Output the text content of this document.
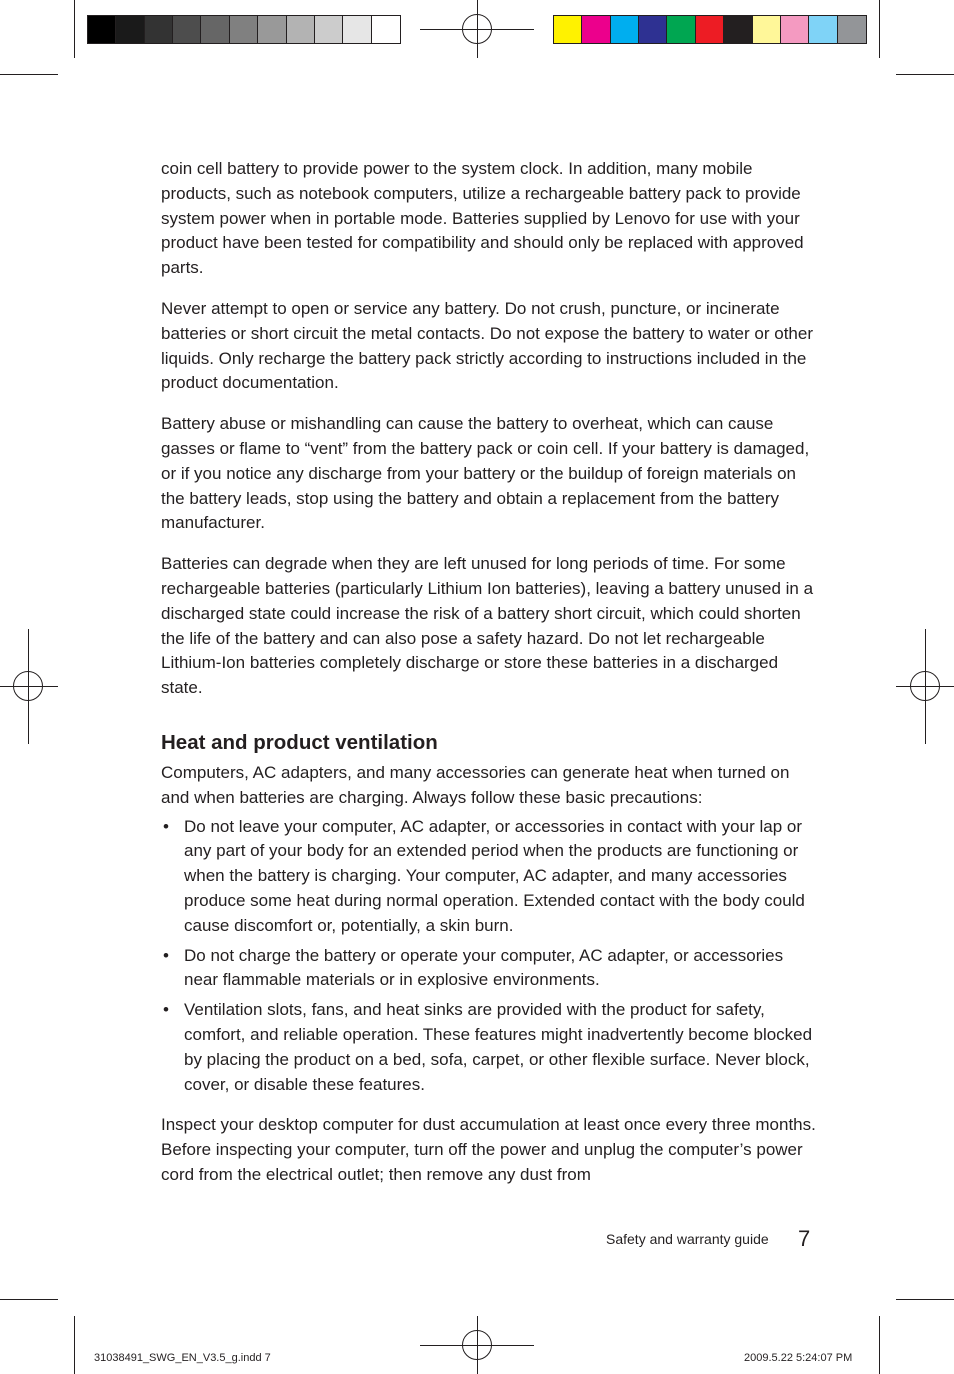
coin cell battery to provide power to the system clock. In addition, many mobile products, such as notebook computers, utilize a rechargeable battery pack to provide system power when in portable mode. Batteries supplied by Lenovo for use with your product have been tested for compatibility and should only be replaced with approved parts.

Never attempt to open or service any battery. Do not crush, puncture, or incinerate batteries or short circuit the metal contacts. Do not expose the battery to water or other liquids. Only recharge the battery pack strictly according to instructions included in the product documentation.

Battery abuse or mishandling can cause the battery to overheat, which can cause gasses or flame to “vent” from the battery pack or coin cell. If your battery is damaged, or if you notice any discharge from your battery or the buildup of foreign materials on the battery leads, stop using the battery and obtain a replacement from the battery manufacturer.

Batteries can degrade when they are left unused for long periods of time. For some rechargeable batteries (particularly Lithium Ion batteries), leaving a battery unused in a discharged state could increase the risk of a battery short circuit, which could shorten the life of the battery and can also pose a safety hazard. Do not let rechargeable Lithium-Ion batteries completely discharge or store these batteries in a discharged state.

Heat and product ventilation

Computers, AC adapters, and many accessories can generate heat when turned on and when batteries are charging. Always follow these basic precautions:

• Do not leave your computer, AC adapter, or accessories in contact with your lap or any part of your body for an extended period when the products are functioning or when the battery is charging. Your computer, AC adapter, and many accessories produce some heat during normal operation. Extended contact with the body could cause discomfort or, potentially, a skin burn.
• Do not charge the battery or operate your computer, AC adapter, or accessories near flammable materials or in explosive environments.
• Ventilation slots, fans, and heat sinks are provided with the product for safety, comfort, and reliable operation. These features might inadvertently become blocked by placing the product on a bed, sofa, carpet, or other flexible surface. Never block, cover, or disable these features.

Inspect your desktop computer for dust accumulation at least once every three months. Before inspecting your computer, turn off the power and unplug the computer’s power cord from the electrical outlet; then remove any dust from

Safety and warranty guide 7
31038491_SWG_EN_V3.5_g.indd 7	2009.5.22 5:24:07 PM
